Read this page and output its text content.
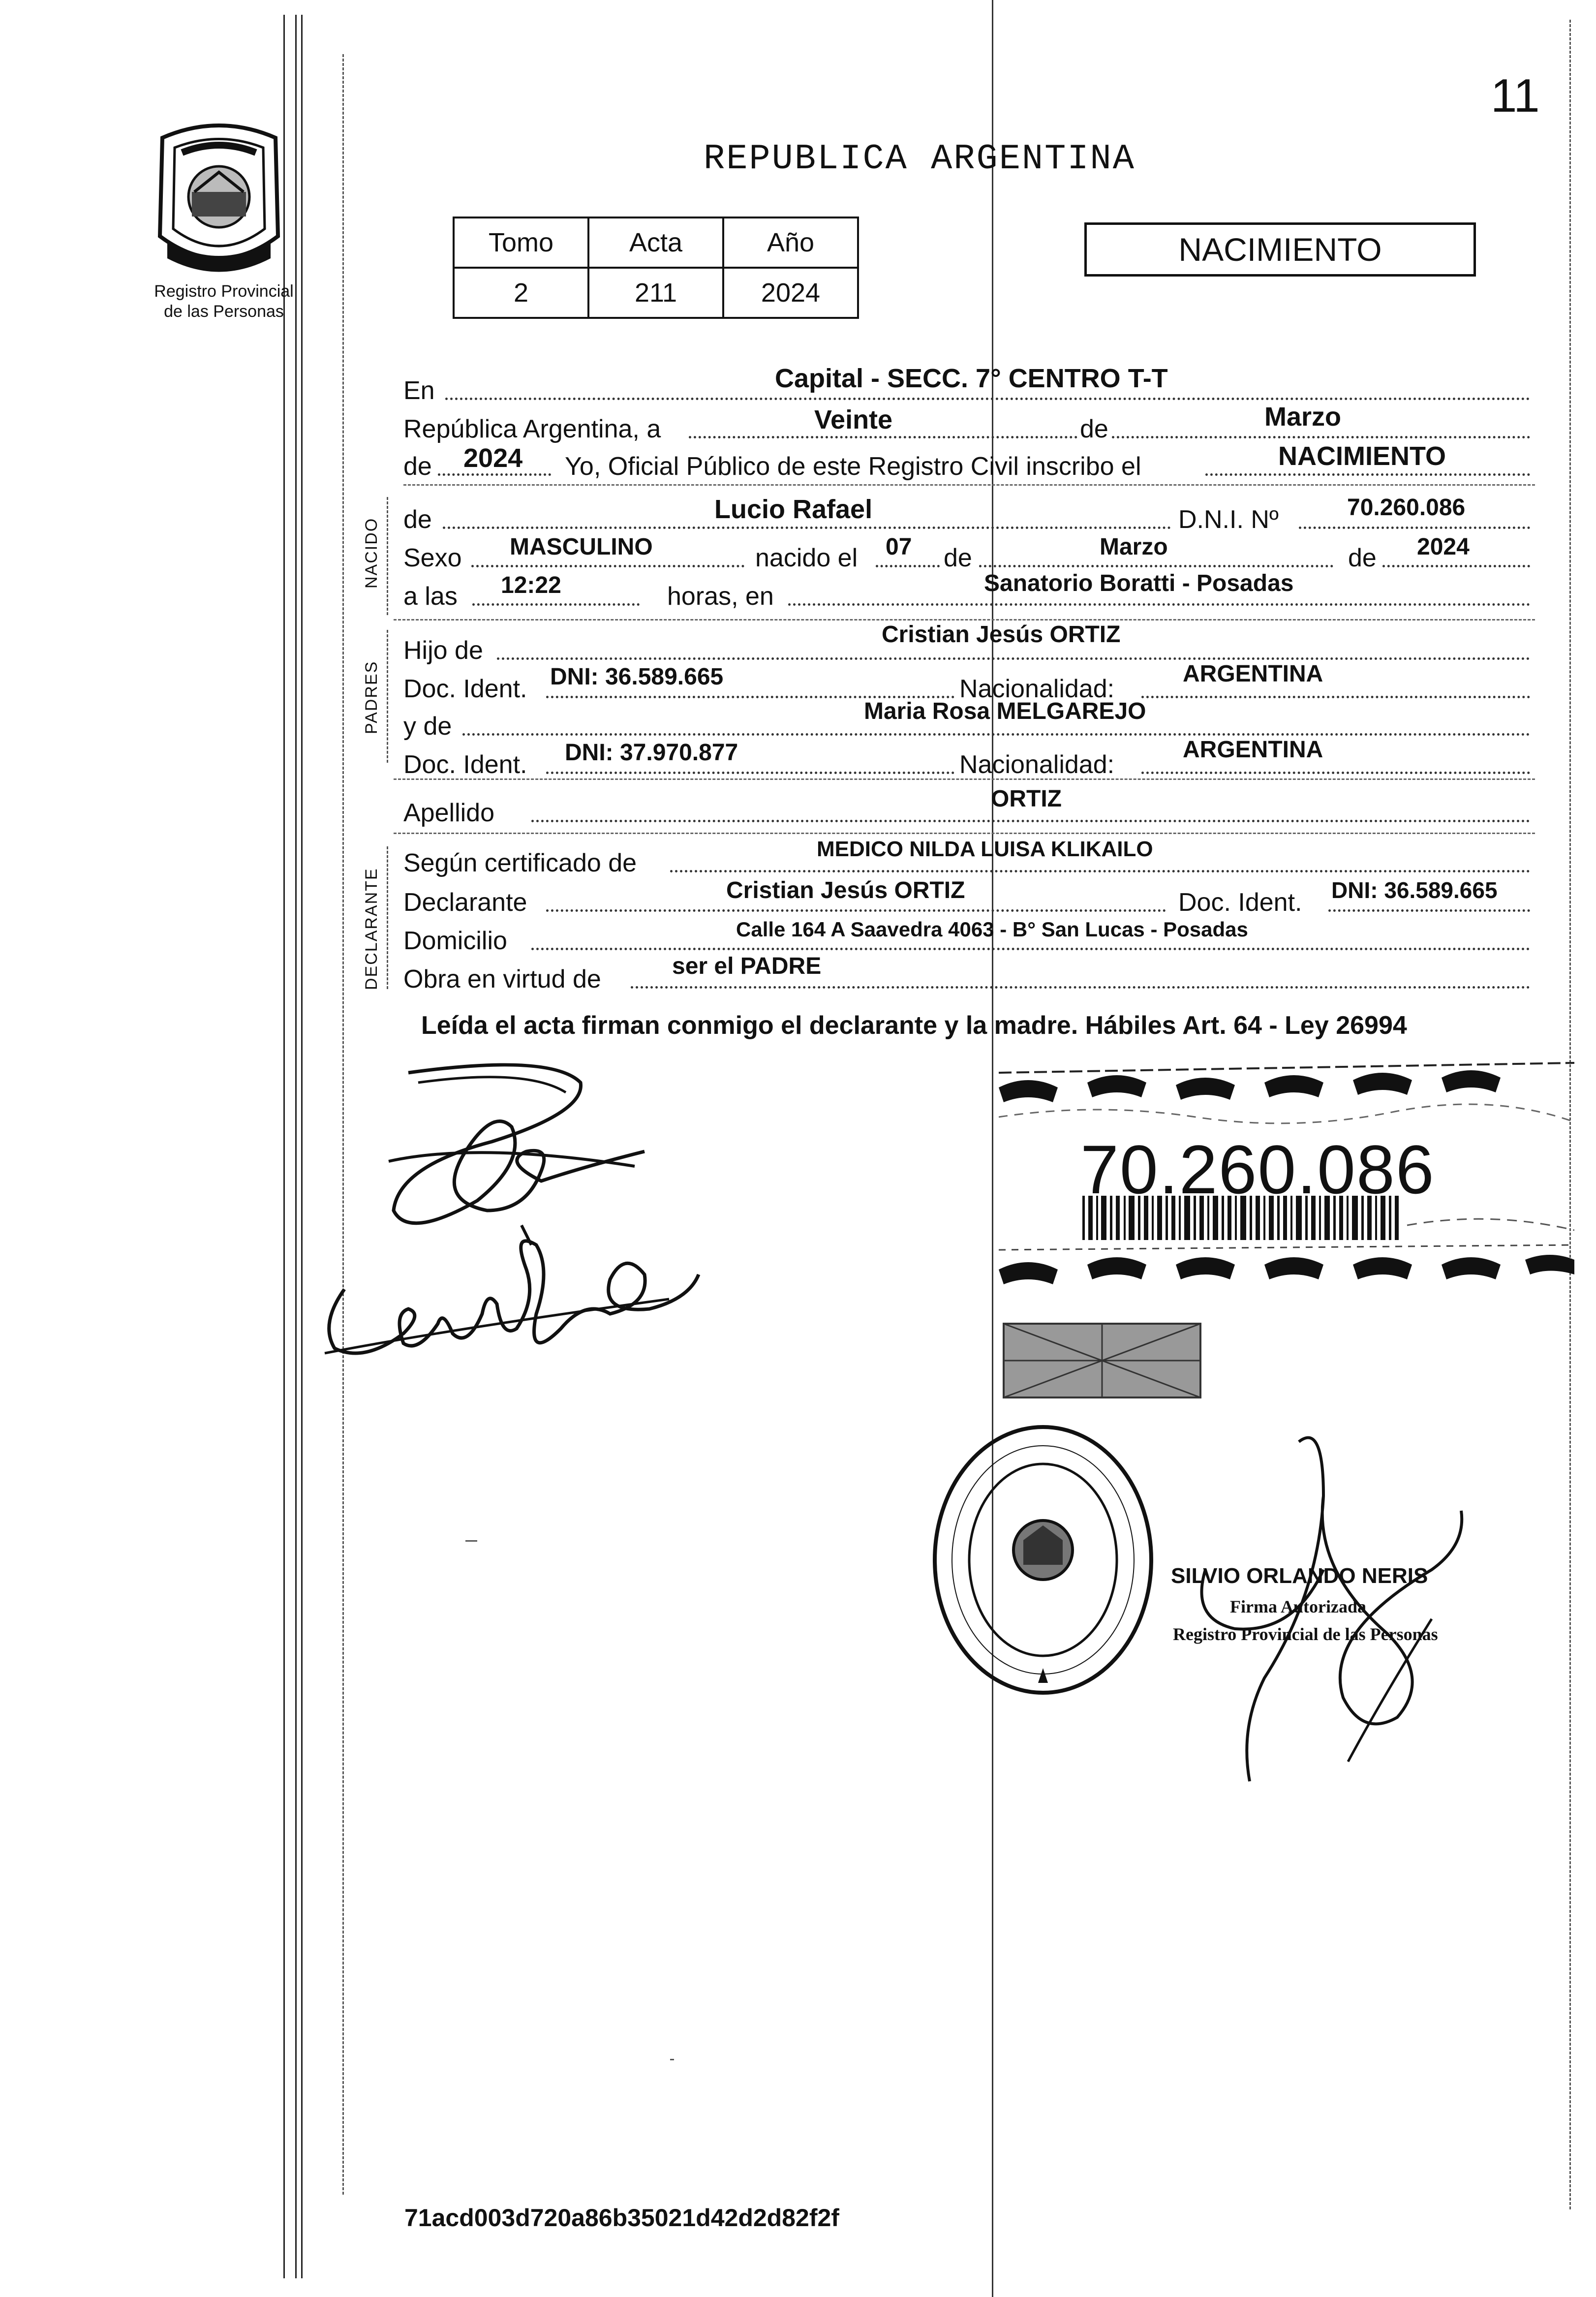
11
Registro Provincial
de las Personas
REPUBLICA ARGENTINA
NACIMIENTO
Tomo	Acta	Año
2	211	2024
En	Capital - SECC. 7° CENTRO T-T
República Argentina, a	Veinte	de	Marzo
de 2024 Yo, Oficial Público de este Registro Civil inscribo el	NACIMIENTO
NACIDO de	Lucio Rafael	D.N.I. Nº	70.260.086
Sexo MASCULINO	nacido el 07 de	Marzo	de 2024
a las 12:22	horas, en	Sanatorio Boratti - Posadas
PADRES
Hijo de
Cristian Jesús ORTIZ
Doc. Ident. DNI: 36.589.665	Nacionalidad:
ARGENTINA
y de
Maria Rosa MELGAREJO
Doc. Ident. DNI: 37.970.877	Nacionalidad:
ARGENTINA
Apellido	ORTIZ
DECLARANTE
Según certificado de	MEDICO NILDA LUISA KLIKAILO
Declarante	Cristian Jesús ORTIZ	Doc. Ident. DNI: 36.589.665
Domicilio	Calle 164 A Saavedra 4063 - B° San Lucas - Posadas
Obra en virtud de	ser el PADRE
Leída el acta firman conmigo el declarante y la madre. Hábiles Art. 64 - Ley 26994
70.260.086
SILVIO ORLANDO NERIS
Firma Autorizada
Registro Provincial de las Personas
71acd003d720a86b35021d42d2d82f2f
